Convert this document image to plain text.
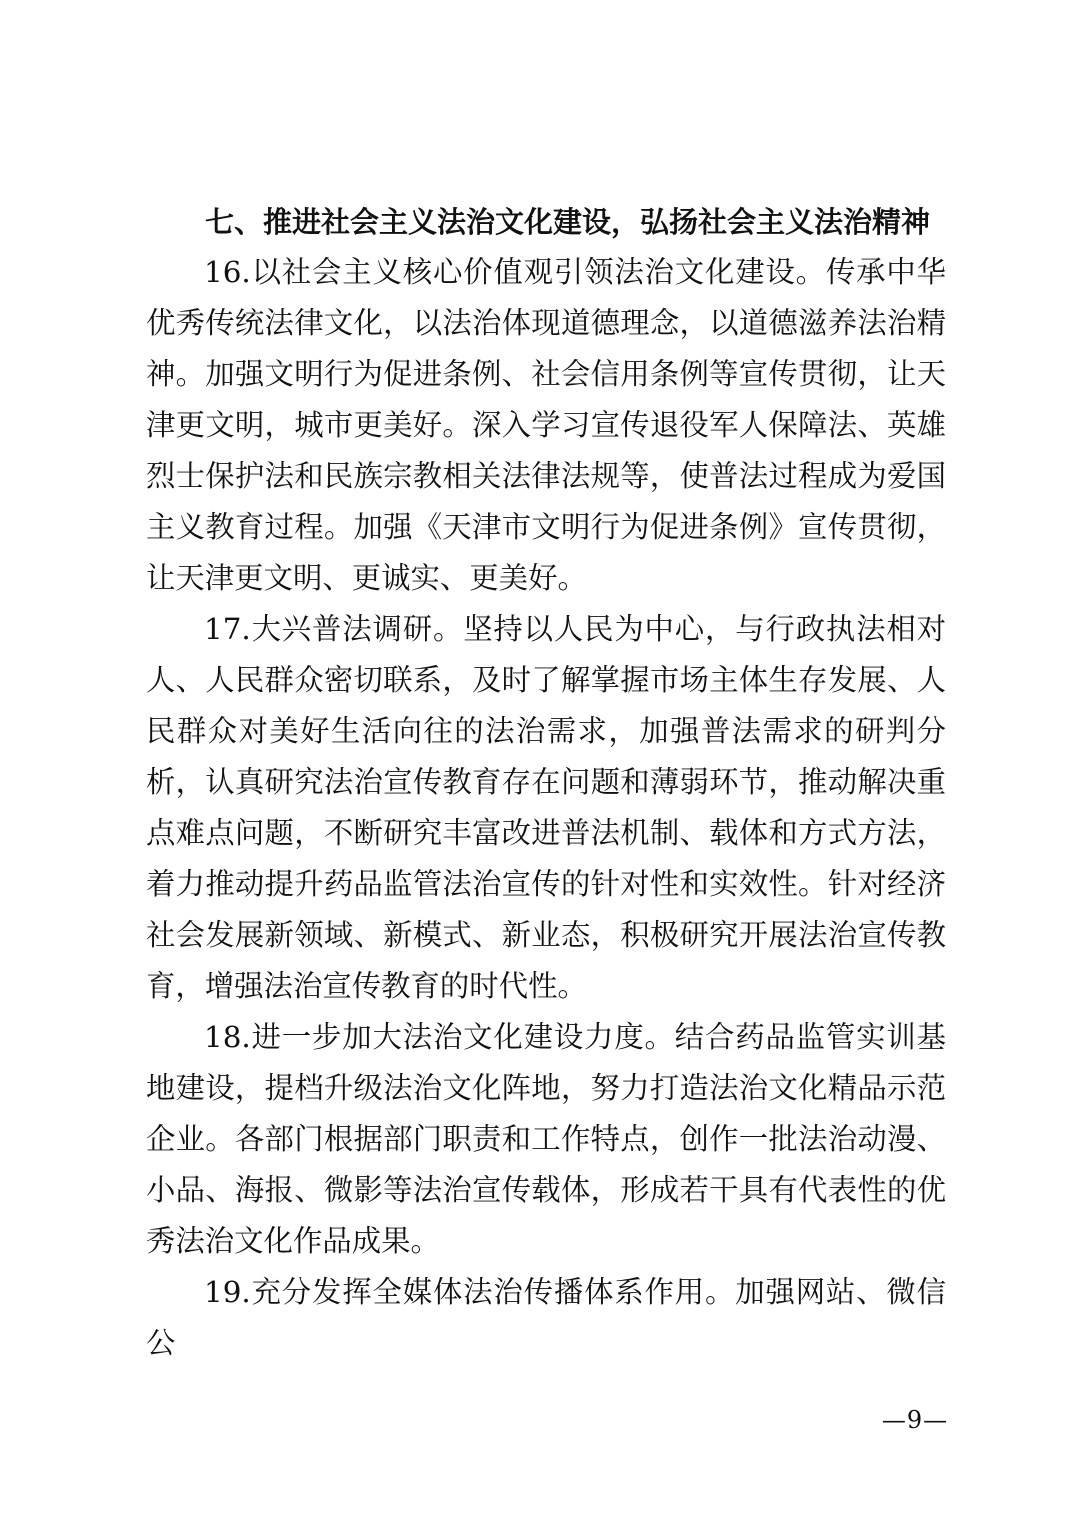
七、推进社会主义法治文化建设，弘扬社会主义法治精神
16.以社会主义核心价值观引领法治文化建设。传承中华优秀传统法律文化，以法治体现道德理念，以道德滋养法治精神。加强文明行为促进条例、社会信用条例等宣传贯彻，让天津更文明，城市更美好。深入学习宣传退役军人保障法、英雄烈士保护法和民族宗教相关法律法规等，使普法过程成为爱国主义教育过程。加强《天津市文明行为促进条例》宣传贯彻，让天津更文明、更诚实、更美好。
17.大兴普法调研。坚持以人民为中心，与行政执法相对人、人民群众密切联系，及时了解掌握市场主体生存发展、人民群众对美好生活向往的法治需求，加强普法需求的研判分析，认真研究法治宣传教育存在问题和薄弱环节，推动解决重点难点问题，不断研究丰富改进普法机制、载体和方式方法，着力推动提升药品监管法治宣传的针对性和实效性。针对经济社会发展新领域、新模式、新业态，积极研究开展法治宣传教育，增强法治宣传教育的时代性。
18.进一步加大法治文化建设力度。结合药品监管实训基地建设，提档升级法治文化阵地，努力打造法治文化精品示范企业。各部门根据部门职责和工作特点，创作一批法治动漫、小品、海报、微影等法治宣传载体，形成若干具有代表性的优秀法治文化作品成果。
19.充分发挥全媒体法治传播体系作用。加强网站、微信公
—9—
